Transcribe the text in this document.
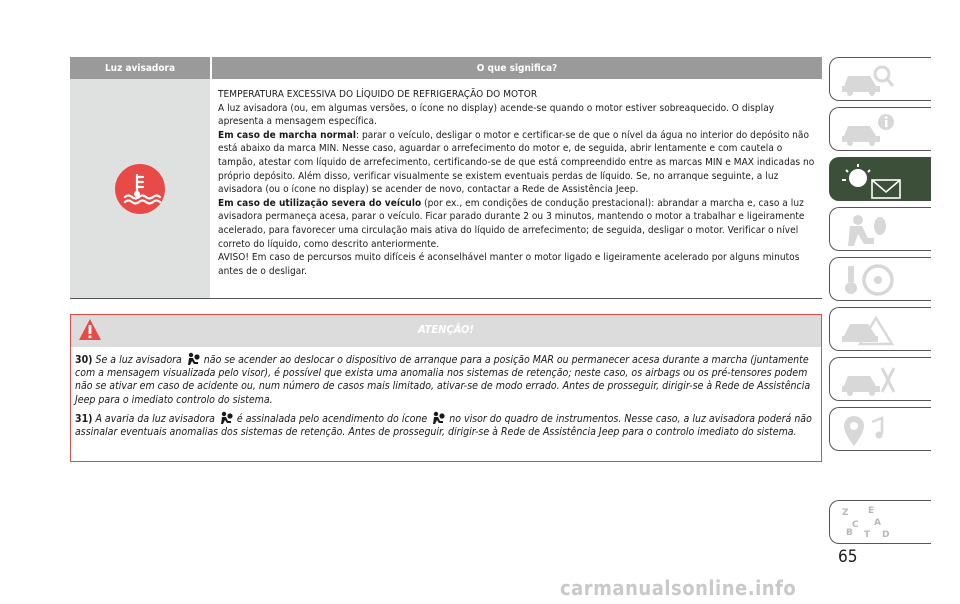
Luz avisadora	O que significa?

TEMPERATURA EXCESSIVA DO LÍQUIDO DE REFRIGERAÇÃO DO MOTOR

A luz avisadora (ou, em algumas versões, o ícone no display) acende-se quando o motor estiver sobreaquecido. O display apresenta a mensagem específica.

Em caso de marcha normal: parar o veículo, desligar o motor e certificar-se de que o nível da água no interior do depósito não está abaixo da marca MIN. Nesse caso, aguardar o arrefecimento do motor e, de seguida, abrir lentamente e com cautela o tampão, atestar com líquido de arrefecimento, certificando-se de que está compreendido entre as marcas MIN e MAX indicadas no próprio depósito. Além disso, verificar visualmente se existem eventuais perdas de líquido. Se, no arranque seguinte, a luz avisadora (ou o ícone no display) se acender de novo, contactar a Rede de Assistência Jeep.

Em caso de utilização severa do veículo (por ex., em condições de condução prestacional): abrandar a marcha e, caso a luz avisadora permaneça acesa, parar o veículo. Ficar parado durante 2 ou 3 minutos, mantendo o motor a trabalhar e ligeiramente acelerado, para favorecer uma circulação mais ativa do líquido de arrefecimento; de seguida, desligar o motor. Verificar o nível correto do líquido, como descrito anteriormente.

AVISO! Em caso de percursos muito difíceis é aconselhável manter o motor ligado e ligeiramente acelerado por alguns minutos antes de o desligar.

ATENÇÃO!

30) Se a luz avisadora não se acender ao deslocar o dispositivo de arranque para a posição MAR ou permanecer acesa durante a marcha (juntamente com a mensagem visualizada pelo visor), é possível que exista uma anomalia nos sistemas de retenção; neste caso, os airbags ou os pré-tensores podem não se ativar em caso de acidente ou, num número de casos mais limitado, ativar-se de modo errado. Antes de prosseguir, dirigir-se à Rede de Assistência Jeep para o imediato controlo do sistema.

31) A avaria da luz avisadora é assinalada pelo acendimento do ícone no visor do quadro de instrumentos. Nesse caso, a luz avisadora poderá não assinalar eventuais anomalias dos sistemas de retenção. Antes de prosseguir, dirigir-se à Rede de Assistência Jeep para o controlo imediato do sistema.

Z E
C A
B T D
65
carmanualsonline.info
